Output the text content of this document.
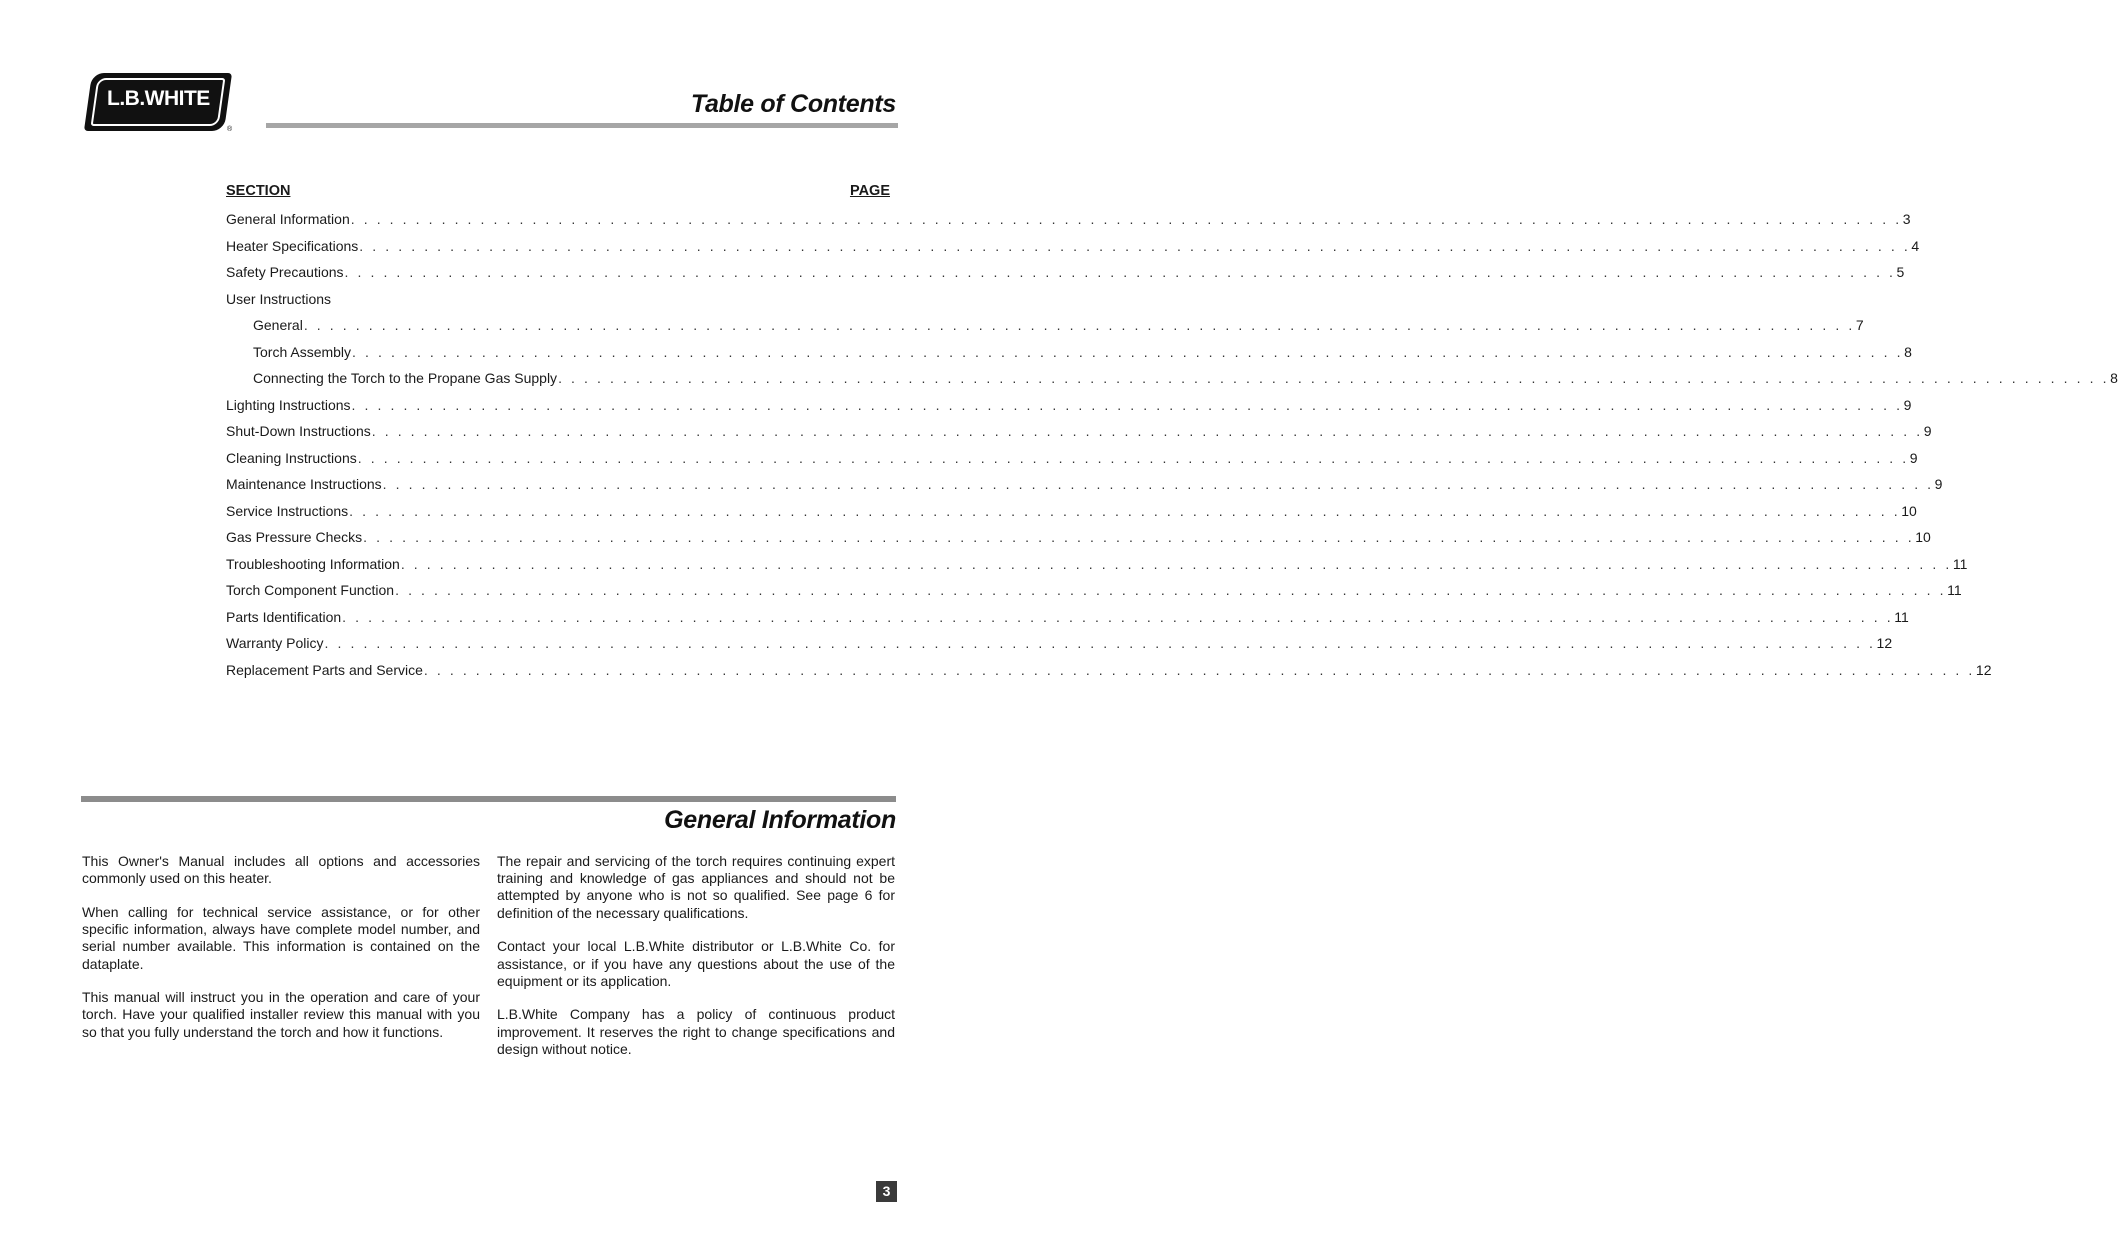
L.B.WHITE
®
Table of Contents
SECTION	PAGE
General Information . . . . . . . . . . . . . . . . . . . . . . . . . . . . . . . . . . . . . . . . . . . . . . . . . . . . . . . . . . . . . . . . . . . . . . . . . . . . . . . . . . . . . . . . . . . . . . . . . . . . . . . . . . . . . . . . . . . . . . . . 3
Heater Specifications . . . . . . . . . . . . . . . . . . . . . . . . . . . . . . . . . . . . . . . . . . . . . . . . . . . . . . . . . . . . . . . . . . . . . . . . . . . . . . . . . . . . . . . . . . . . . . . . . . . . . . . . . . . . . . . . . . . . . . . . 4
Safety Precautions . . . . . . . . . . . . . . . . . . . . . . . . . . . . . . . . . . . . . . . . . . . . . . . . . . . . . . . . . . . . . . . . . . . . . . . . . . . . . . . . . . . . . . . . . . . . . . . . . . . . . . . . . . . . . . . . . . . . . . . . 5
User Instructions
General . . . . . . . . . . . . . . . . . . . . . . . . . . . . . . . . . . . . . . . . . . . . . . . . . . . . . . . . . . . . . . . . . . . . . . . . . . . . . . . . . . . . . . . . . . . . . . . . . . . . . . . . . . . . . . . . . . . . . . . . 7
Torch Assembly . . . . . . . . . . . . . . . . . . . . . . . . . . . . . . . . . . . . . . . . . . . . . . . . . . . . . . . . . . . . . . . . . . . . . . . . . . . . . . . . . . . . . . . . . . . . . . . . . . . . . . . . . . . . . . . . . . . . . . . . 8
Connecting the Torch to the Propane Gas Supply . . . . . . . . . . . . . . . . . . . . . . . . . . . . . . . . . . . . . . . . . . . . . . . . . . . . . . . . . . . . . . . . . . . . . . . . . . . . . . . . . . . . . . . . . . . . . . . . . . . . . . . . . . . . . . . . . . . . . . . . 8
Lighting Instructions . . . . . . . . . . . . . . . . . . . . . . . . . . . . . . . . . . . . . . . . . . . . . . . . . . . . . . . . . . . . . . . . . . . . . . . . . . . . . . . . . . . . . . . . . . . . . . . . . . . . . . . . . . . . . . . . . . . . . . . . 9
Shut-Down Instructions . . . . . . . . . . . . . . . . . . . . . . . . . . . . . . . . . . . . . . . . . . . . . . . . . . . . . . . . . . . . . . . . . . . . . . . . . . . . . . . . . . . . . . . . . . . . . . . . . . . . . . . . . . . . . . . . . . . . . . . . 9
Cleaning Instructions . . . . . . . . . . . . . . . . . . . . . . . . . . . . . . . . . . . . . . . . . . . . . . . . . . . . . . . . . . . . . . . . . . . . . . . . . . . . . . . . . . . . . . . . . . . . . . . . . . . . . . . . . . . . . . . . . . . . . . . . 9
Maintenance Instructions . . . . . . . . . . . . . . . . . . . . . . . . . . . . . . . . . . . . . . . . . . . . . . . . . . . . . . . . . . . . . . . . . . . . . . . . . . . . . . . . . . . . . . . . . . . . . . . . . . . . . . . . . . . . . . . . . . . . . . . . 9
Service Instructions . . . . . . . . . . . . . . . . . . . . . . . . . . . . . . . . . . . . . . . . . . . . . . . . . . . . . . . . . . . . . . . . . . . . . . . . . . . . . . . . . . . . . . . . . . . . . . . . . . . . . . . . . . . . . . . . . . . . . . . . 10
Gas Pressure Checks . . . . . . . . . . . . . . . . . . . . . . . . . . . . . . . . . . . . . . . . . . . . . . . . . . . . . . . . . . . . . . . . . . . . . . . . . . . . . . . . . . . . . . . . . . . . . . . . . . . . . . . . . . . . . . . . . . . . . . . . 10
Troubleshooting Information . . . . . . . . . . . . . . . . . . . . . . . . . . . . . . . . . . . . . . . . . . . . . . . . . . . . . . . . . . . . . . . . . . . . . . . . . . . . . . . . . . . . . . . . . . . . . . . . . . . . . . . . . . . . . . . . . . . . . . . . 11
Torch Component Function . . . . . . . . . . . . . . . . . . . . . . . . . . . . . . . . . . . . . . . . . . . . . . . . . . . . . . . . . . . . . . . . . . . . . . . . . . . . . . . . . . . . . . . . . . . . . . . . . . . . . . . . . . . . . . . . . . . . . . . . 11
Parts Identification . . . . . . . . . . . . . . . . . . . . . . . . . . . . . . . . . . . . . . . . . . . . . . . . . . . . . . . . . . . . . . . . . . . . . . . . . . . . . . . . . . . . . . . . . . . . . . . . . . . . . . . . . . . . . . . . . . . . . . . . 11
Warranty Policy . . . . . . . . . . . . . . . . . . . . . . . . . . . . . . . . . . . . . . . . . . . . . . . . . . . . . . . . . . . . . . . . . . . . . . . . . . . . . . . . . . . . . . . . . . . . . . . . . . . . . . . . . . . . . . . . . . . . . . . . 12
Replacement Parts and Service . . . . . . . . . . . . . . . . . . . . . . . . . . . . . . . . . . . . . . . . . . . . . . . . . . . . . . . . . . . . . . . . . . . . . . . . . . . . . . . . . . . . . . . . . . . . . . . . . . . . . . . . . . . . . . . . . . . . . . . . 12
General Information

This Owner's Manual includes all options and accessories commonly used on this heater.

When calling for technical service assistance, or for other specific information, always have complete model number, and serial number available. This information is contained on the dataplate.

This manual will instruct you in the operation and care of your torch. Have your qualified installer review this manual with you so that you fully understand the torch and how it functions.

The repair and servicing of the torch requires continuing expert training and knowledge of gas appliances and should not be attempted by anyone who is not so qualified. See page 6 for definition of the necessary qualifications.

Contact your local L.B.White distributor or L.B.White Co. for assistance, or if you have any questions about the use of the equipment or its application.

L.B.White Company has a policy of continuous product improvement. It reserves the right to change specifications and design without notice.

3
